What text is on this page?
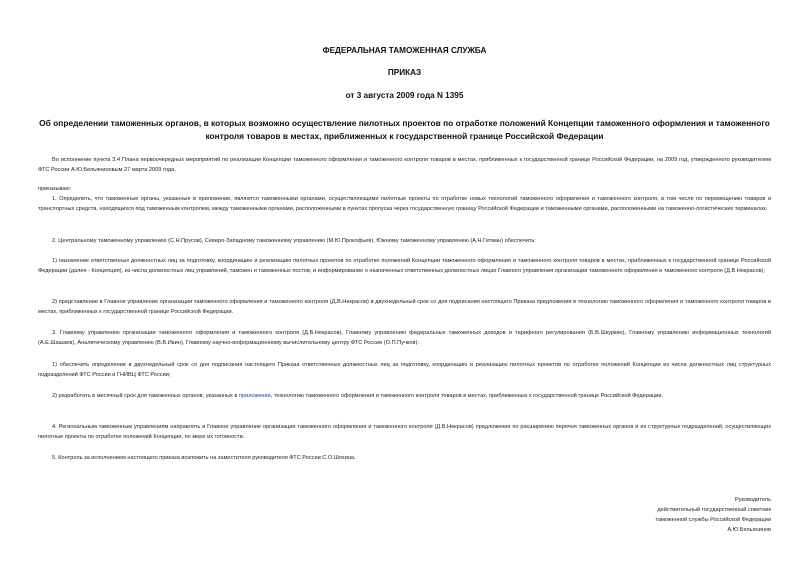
ФЕДЕРАЛЬНАЯ ТАМОЖЕННАЯ СЛУЖБА
ПРИКАЗ
от 3 августа 2009 года N 1395
Об определении таможенных органов, в которых возможно осуществление пилотных проектов по отработке положений Концепции таможенного оформления и таможенного контроля товаров в местах, приближенных к государственной границе Российской Федерации

Во исполнение пункта 3.4 Плана первоочередных мероприятий по реализации Концепции таможенного оформления и таможенного контроля товаров в местах, приближенных к государственной границе Российской Федерации, на 2009 год, утвержденного руководителем ФТС России А.Ю.Бельяниновым 27 марта 2009 года,

приказываю:

1. Определить, что таможенные органы, указанные в приложении, являются таможенными органами, осуществляющими пилотные проекты по отработке новых технологий таможенного оформления и таможенного контроля, в том числе по перемещению товаров и транспортных средств, находящихся под таможенным контролем, между таможенными органами, расположенными в пунктах пропуска через государственную границу Российской Федерации и таможенными органами, расположенными на таможенно-логистических терминалах.

2. Центральному таможенному управлению (С.Н.Прусов), Северо-Западному таможенному управлению (М.Ю.Прокофьев), Южному таможенному управлению (А.Н.Гетман) обеспечить:

1) назначение ответственных должностных лиц за подготовку, координацию и реализацию пилотных проектов по отработке положений Концепции таможенного оформления и таможенного контроля товаров в местах, приближенных к государственной границе Российской Федерации (далее - Концепция), из числа должностных лиц управлений, таможен и таможенных постов, и информирование о назначенных ответственных должностных лицах Главного управления организации таможенного оформления и таможенного контроля (Д.В.Некрасов);

2) представление в Главное управление организации таможенного оформления и таможенного контроля (Д.В.Некрасов) в двухнедельный срок со дня подписания настоящего Приказа предложения в технологию таможенного оформления и таможенного контроля товаров в местах, приближенных к государственной границе Российской Федерации.

3. Главному управлению организации таможенного оформления и таможенного контроля (Д.В.Некрасов), Главному управлению федеральных таможенных доходов и тарифного регулирования (Б.В.Шкуркин), Главному управлению информационных технологий (А.Е.Шашаев), Аналитическому управлению (В.В.Ивин), Главному научно-информационному вычислительному центру ФТС России (О.П.Пучков):

1) обеспечить определение в двухнедельный срок со дня подписания настоящего Приказа ответственных должностных лиц за подготовку, координацию и реализацию пилотных проектов по отработке положений Концепции из числа должностных лиц структурных подразделений ФТС России и ГНИВЦ ФТС России;

2) разработать в месячный срок для таможенных органов, указанных в приложении, технологию таможенного оформления и таможенного контроля товаров в местах, приближенных к государственной границе Российской Федерации.

4. Региональным таможенным управлениям направлять в Главное управление организации таможенного оформления и таможенного контроля (Д.В.Некрасов) предложения по расширению перечня таможенных органов и их структурных подразделений, осуществляющих пилотные проекты по отработке положений Концепции, по мере их готовности.

5. Контроль за исполнением настоящего приказа возложить на заместителя руководителя ФТС России С.О.Шохина.

Руководитель
действительный государственный советник
таможенной службы Российской Федерации
А.Ю.Бельянинов
